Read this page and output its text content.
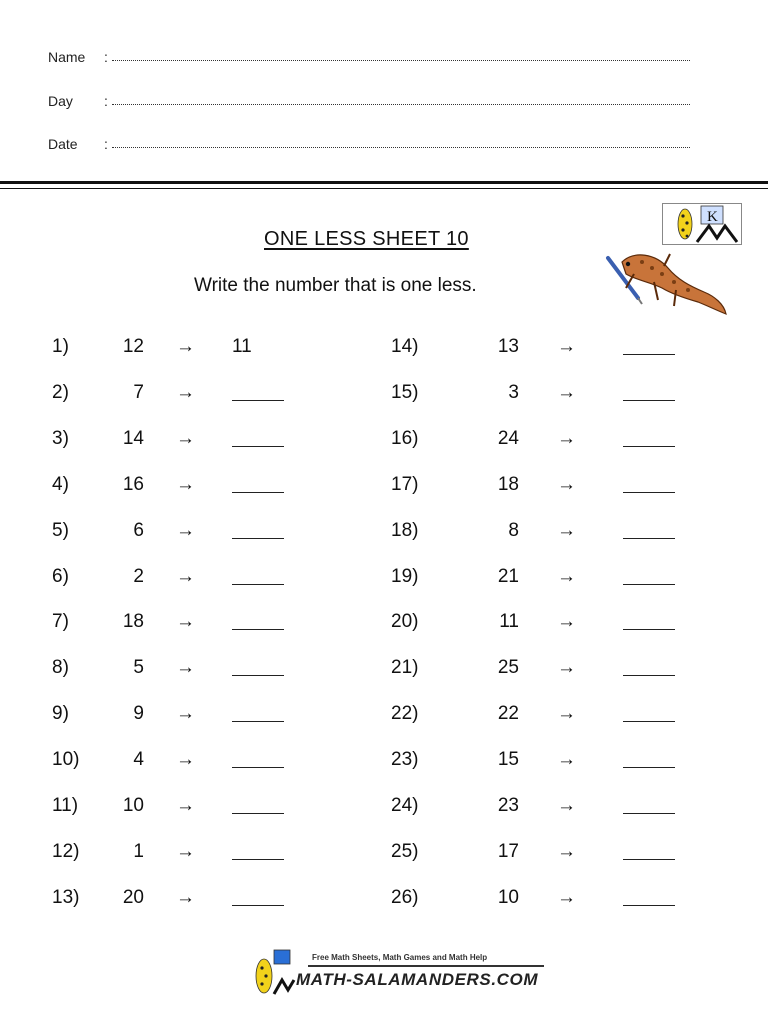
Name :
Day :
Date :
K
ONE LESS SHEET 10
Write the number that is one less.
1)	12 → 11
2)	7 →
3)	14 →
4)	16 →
5)	6 →
6)	2 →
7)	18 →
8)	5 →
9)	9 →
10)	4 →
11)	10 →
12)	1 →
13)	20 →
14)	13 →
15)	3 →
16)	24 →
17)	18 →
18)	8 →
19)	21 →
20)	11 →
21)	25 →
22)	22 →
23)	15 →
24)	23 →
25)	17 →
26)	10 →
Free Math Sheets, Math Games and Math Help
MATH-SALAMANDERS.COM
